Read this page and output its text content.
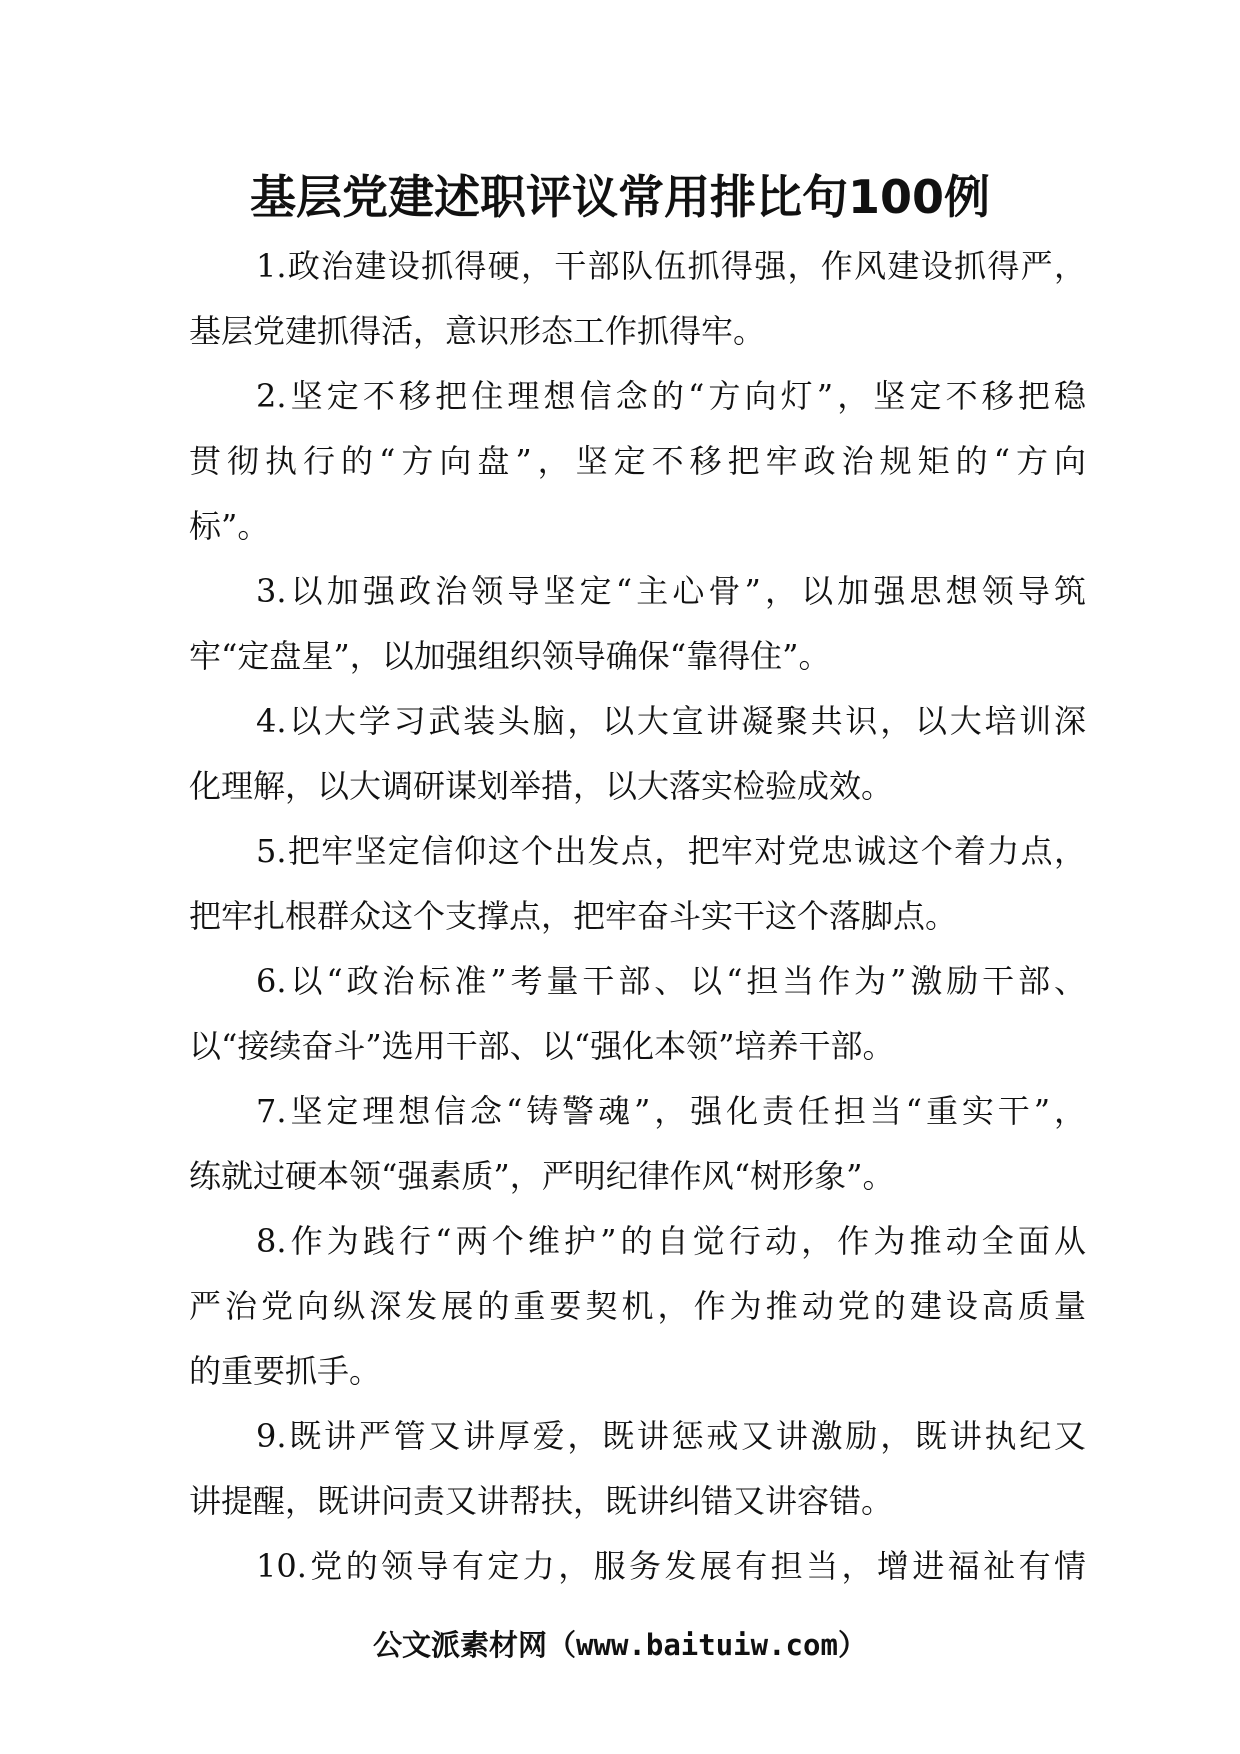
基层党建述职评议常用排比句100例
1.政治建设抓得硬，干部队伍抓得强，作风建设抓得严，
基层党建抓得活，意识形态工作抓得牢。
2.坚定不移把住理想信念的“方向灯”，坚定不移把稳
贯彻执行的“方向盘”，坚定不移把牢政治规矩的“方向
标”。
3.以加强政治领导坚定“主心骨”，以加强思想领导筑
牢“定盘星”，以加强组织领导确保“靠得住”。
4.以大学习武装头脑，以大宣讲凝聚共识，以大培训深
化理解，以大调研谋划举措，以大落实检验成效。
5.把牢坚定信仰这个出发点，把牢对党忠诚这个着力点，
把牢扎根群众这个支撑点，把牢奋斗实干这个落脚点。
6.以“政治标准”考量干部、以“担当作为”激励干部、
以“接续奋斗”选用干部、以“强化本领”培养干部。
7.坚定理想信念“铸警魂”，强化责任担当“重实干”，
练就过硬本领“强素质”，严明纪律作风“树形象”。
8.作为践行“两个维护”的自觉行动，作为推动全面从
严治党向纵深发展的重要契机，作为推动党的建设高质量
的重要抓手。
9.既讲严管又讲厚爱，既讲惩戒又讲激励，既讲执纪又
讲提醒，既讲问责又讲帮扶，既讲纠错又讲容错。
10.党的领导有定力，服务发展有担当，增进福祉有情
公文派素材网（www.baituiw.com）
